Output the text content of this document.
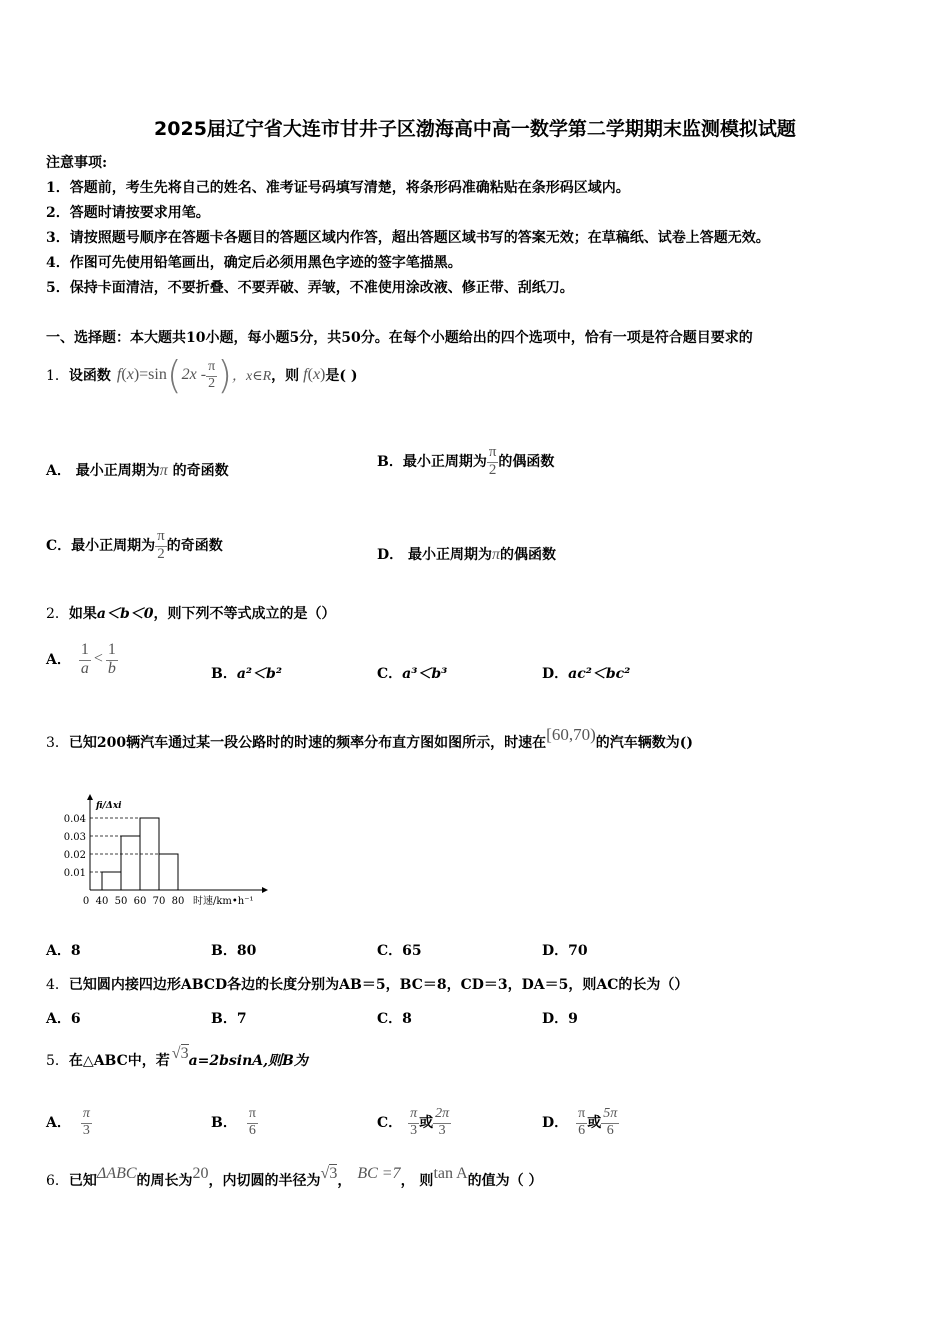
2025届辽宁省大连市甘井子区渤海高中高一数学第二学期期末监测模拟试题
注意事项:
1．答题前，考生先将自己的姓名、准考证号码填写清楚，将条形码准确粘贴在条形码区域内。
2．答题时请按要求用笔。
3．请按照题号顺序在答题卡各题目的答题区域内作答，超出答题区域书写的答案无效；在草稿纸、试卷上答题无效。
4．作图可先使用铅笔画出，确定后必须用黑色字迹的签字笔描黑。
5．保持卡面清洁，不要折叠、不要弄破、弄皱，不准使用涂改液、修正带、刮纸刀。
一、选择题：本大题共10小题，每小题5分，共50分。在每个小题给出的四个选项中，恰有一项是符合题目要求的
1． 设函数 f ( x ) =sin ( $2x - \frac{\pi}{2}$ ) ，x∈R ，则 f ( x ) 是( )
A． 最小正周期为π 的奇函数
B． 最小正周期为 $\frac{\pi}{2}$ 的偶函数
C． 最小正周期为 $\frac{\pi}{2}$ 的奇函数
D． 最小正周期为π的偶函数
2．如果a＜b＜0，则下列不等式成立的是（）
A． $\frac{1}{a} < \frac{1}{b}$	B．a²＜b²	C．a³＜b³	D．ac²＜bc²
3． 已知200辆汽车通过某一段公路时的时速的频率分布直方图如图所示，时速在 [60,70) 的汽车辆数为()
fi/Δxi
0.01
0.02
0.03
0.04
0 40 50 60 70 80 时速/km•h⁻¹
A．8	B．80	C．65	D．70
4．已知圆内接四边形ABCD各边的长度分别为AB＝5，BC＝8，CD＝3，DA＝5，则AC的长为（）
A．6	B．7	C．8	D．9
5． 在△ABC中，若 √3 a=2bsinA,则B为
A． $\frac{\pi}{3}$	B． $\frac{\pi}{6}$	C． $\frac{\pi}{3}$ 或 $\frac{2\pi}{3}$	D． $\frac{\pi}{6}$ 或 $\frac{5\pi}{6}$
6． 已知 ΔABC 的周长为 20 ，内切圆的半径为 √3 ， BC =7 ， 则 tan A 的值为（ ）
